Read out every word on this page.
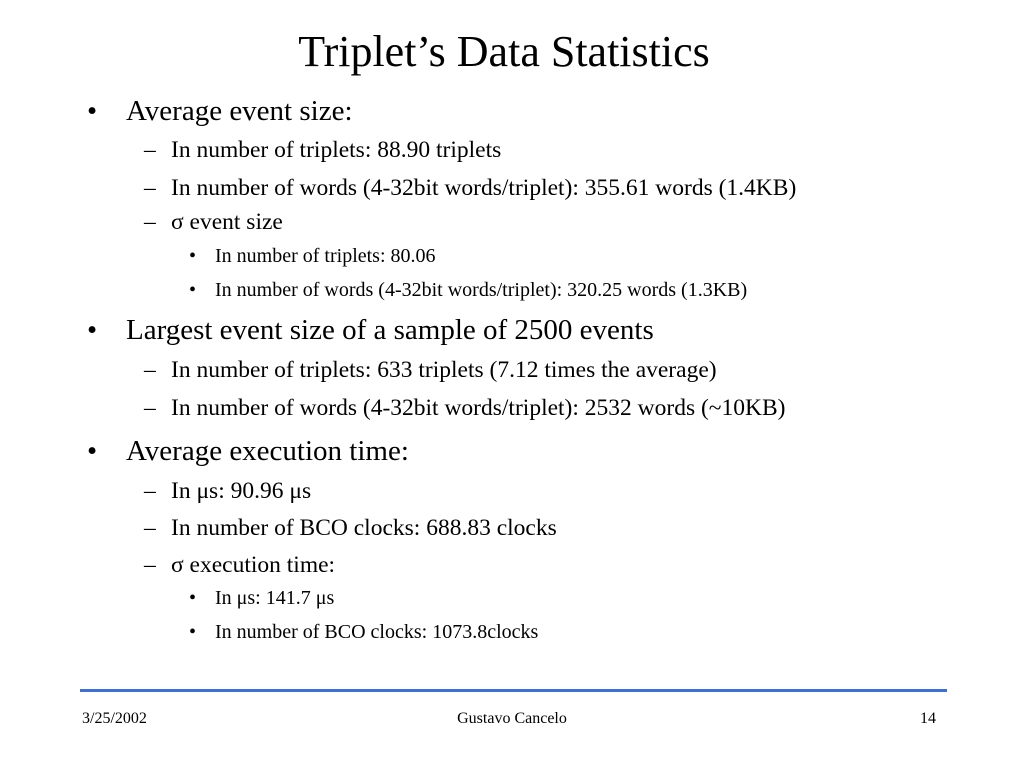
Triplet’s Data Statistics
• Average event size:
– In number of triplets: 88.90 triplets
– In number of words (4-32bit words/triplet): 355.61 words (1.4KB)
– σ event size
• In number of triplets: 80.06
• In number of words (4-32bit words/triplet): 320.25 words (1.3KB)
• Largest event size of a sample of 2500 events
– In number of triplets: 633 triplets (7.12 times the average)
– In number of words (4-32bit words/triplet): 2532 words (~10KB)
• Average execution time:
– In μs: 90.96 μs
– In number of BCO clocks: 688.83 clocks
– σ execution time:
• In μs: 141.7 μs
• In number of BCO clocks: 1073.8clocks
3/25/2002	Gustavo Cancelo	14
